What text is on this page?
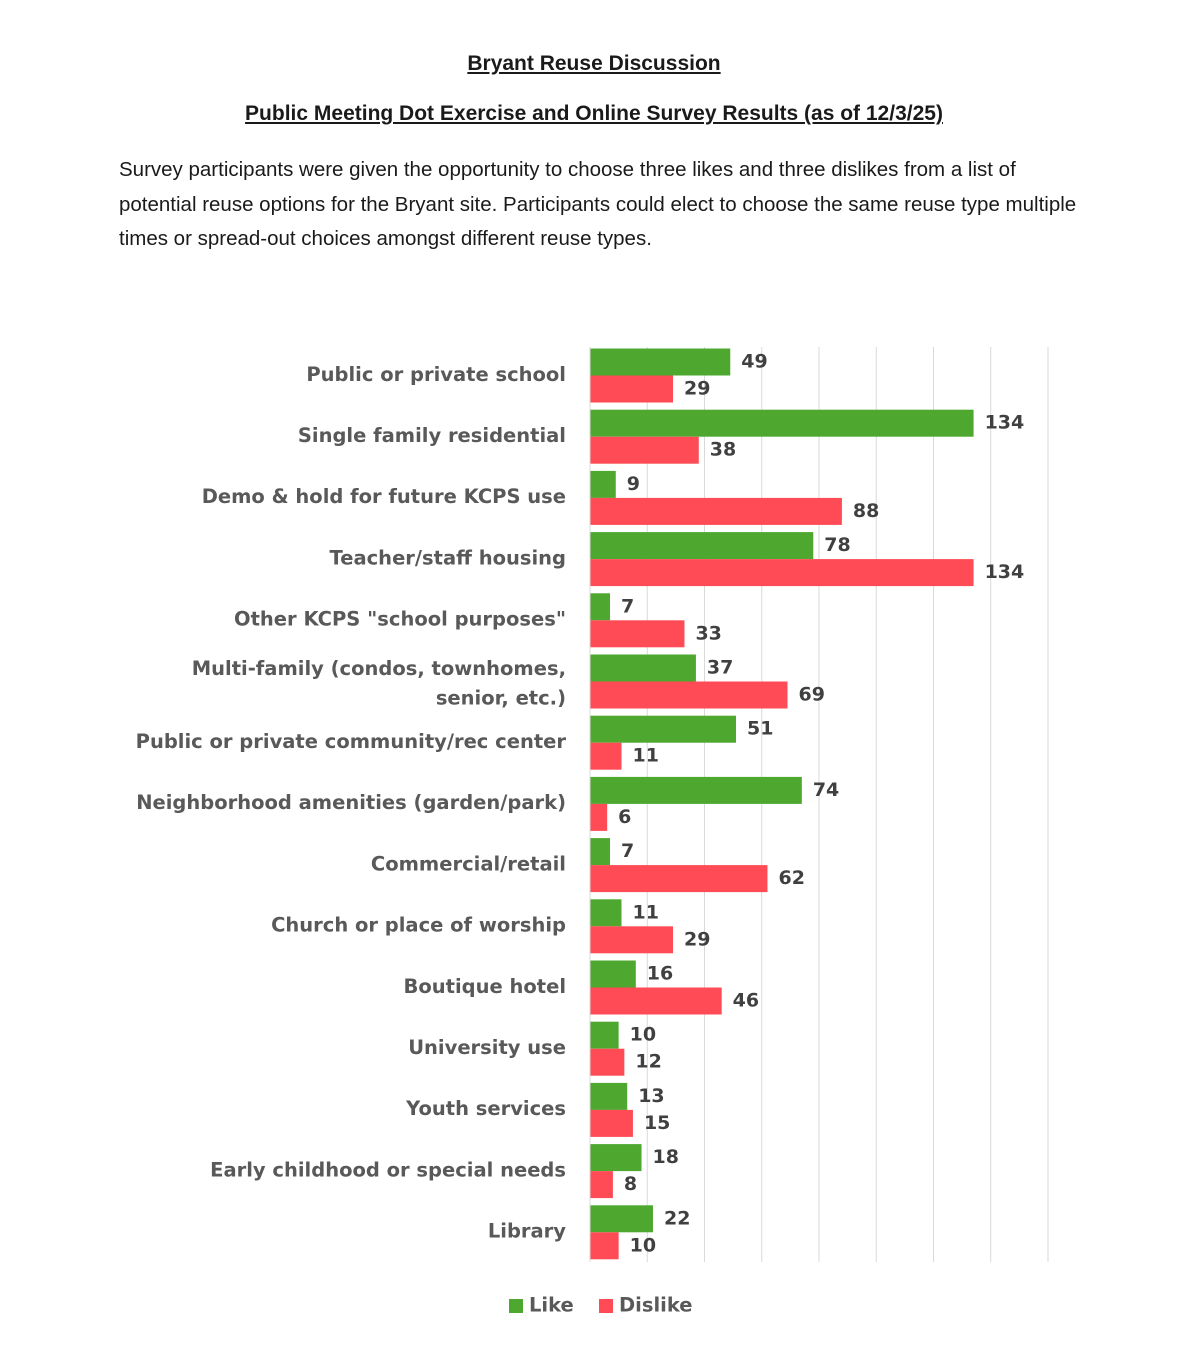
Bryant Reuse Discussion

Public Meeting Dot Exercise and Online Survey Results (as of 12/3/25)

Survey participants were given the opportunity to choose three likes and three dislikes from a list of potential reuse options for the Bryant site. Participants could elect to choose the same reuse type multiple times or spread-out choices amongst different reuse types.

Public or private school
49
29
Single family residential
134
38
Demo & hold for future KCPS use
9
88
Teacher/staff housing
78
134
Other KCPS "school purposes"
7
33
Multi-family (condos, townhomes, senior, etc.)
37
69
Public or private community/rec center
51
11
Neighborhood amenities (garden/park)
74
6
Commercial/retail
7
62
Church or place of worship
11
29
Boutique hotel
16
46
University use
10
12
Youth services
13
15
Early childhood or special needs
18
8
Library
22
10
Like Dislike
